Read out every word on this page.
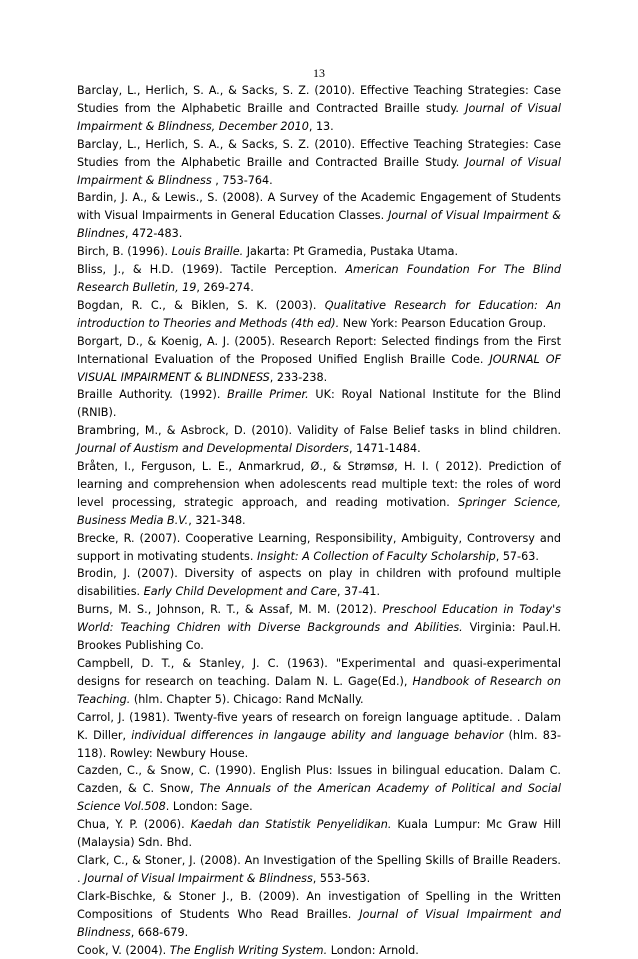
13

Barclay, L., Herlich, S. A., & Sacks, S. Z. (2010). Effective Teaching Strategies: Case Studies from the Alphabetic Braille and Contracted Braille study. Journal of Visual Impairment & Blindness, December 2010, 13.

Barclay, L., Herlich, S. A., & Sacks, S. Z. (2010). Effective Teaching Strategies: Case Studies from the Alphabetic Braille and Contracted Braille Study. Journal of Visual Impairment & Blindness , 753-764.

Bardin, J. A., & Lewis., S. (2008). A Survey of the Academic Engagement of Students with Visual Impairments in General Education Classes. Journal of Visual Impairment & Blindnes, 472-483.

Birch, B. (1996). Louis Braille. Jakarta: Pt Gramedia, Pustaka Utama.

Bliss, J., & H.D. (1969). Tactile Perception. American Foundation For The Blind Research Bulletin, 19, 269-274.

Bogdan, R. C., & Biklen, S. K. (2003). Qualitative Research for Education: An introduction to Theories and Methods (4th ed). New York: Pearson Education Group.

Borgart, D., & Koenig, A. J. (2005). Research Report: Selected findings from the First International Evaluation of the Proposed Unified English Braille Code. JOURNAL OF VISUAL IMPAIRMENT & BLINDNESS, 233-238.

Braille Authority. (1992). Braille Primer. UK: Royal National Institute for the Blind (RNIB).

Brambring, M., & Asbrock, D. (2010). Validity of False Belief tasks in blind children. Journal of Austism and Developmental Disorders, 1471-1484.

Bråten, I., Ferguson, L. E., Anmarkrud, Ø., & Strømsø, H. I. ( 2012). Prediction of learning and comprehension when adolescents read multiple text: the roles of word level processing, strategic approach, and reading motivation. Springer Science, Business Media B.V., 321-348.

Brecke, R. (2007). Cooperative Learning, Responsibility, Ambiguity, Controversy and support in motivating students. Insight: A Collection of Faculty Scholarship, 57-63.

Brodin, J. (2007). Diversity of aspects on play in children with profound multiple disabilities. Early Child Development and Care, 37-41.

Burns, M. S., Johnson, R. T., & Assaf, M. M. (2012). Preschool Education in Today's World: Teaching Chidren with Diverse Backgrounds and Abilities. Virginia: Paul.H. Brookes Publishing Co.

Campbell, D. T., & Stanley, J. C. (1963). "Experimental and quasi-experimental designs for research on teaching. Dalam N. L. Gage(Ed.), Handbook of Research on Teaching. (hlm. Chapter 5). Chicago: Rand McNally.

Carrol, J. (1981). Twenty-five years of research on foreign language aptitude. . Dalam K. Diller, individual differences in langauge ability and language behavior (hlm. 83-118). Rowley: Newbury House.

Cazden, C., & Snow, C. (1990). English Plus: Issues in bilingual education. Dalam C. Cazden, & C. Snow, The Annuals of the American Academy of Political and Social Science Vol.508. London: Sage.

Chua, Y. P. (2006). Kaedah dan Statistik Penyelidikan. Kuala Lumpur: Mc Graw Hill (Malaysia) Sdn. Bhd.

Clark, C., & Stoner, J. (2008). An Investigation of the Spelling Skills of Braille Readers. . Journal of Visual Impairment & Blindness, 553-563.

Clark-Bischke, & Stoner J., B. (2009). An investigation of Spelling in the Written Compositions of Students Who Read Brailles. Journal of Visual Impairment and Blindness, 668-679.

Cook, V. (2004). The English Writing System. London: Arnold.
